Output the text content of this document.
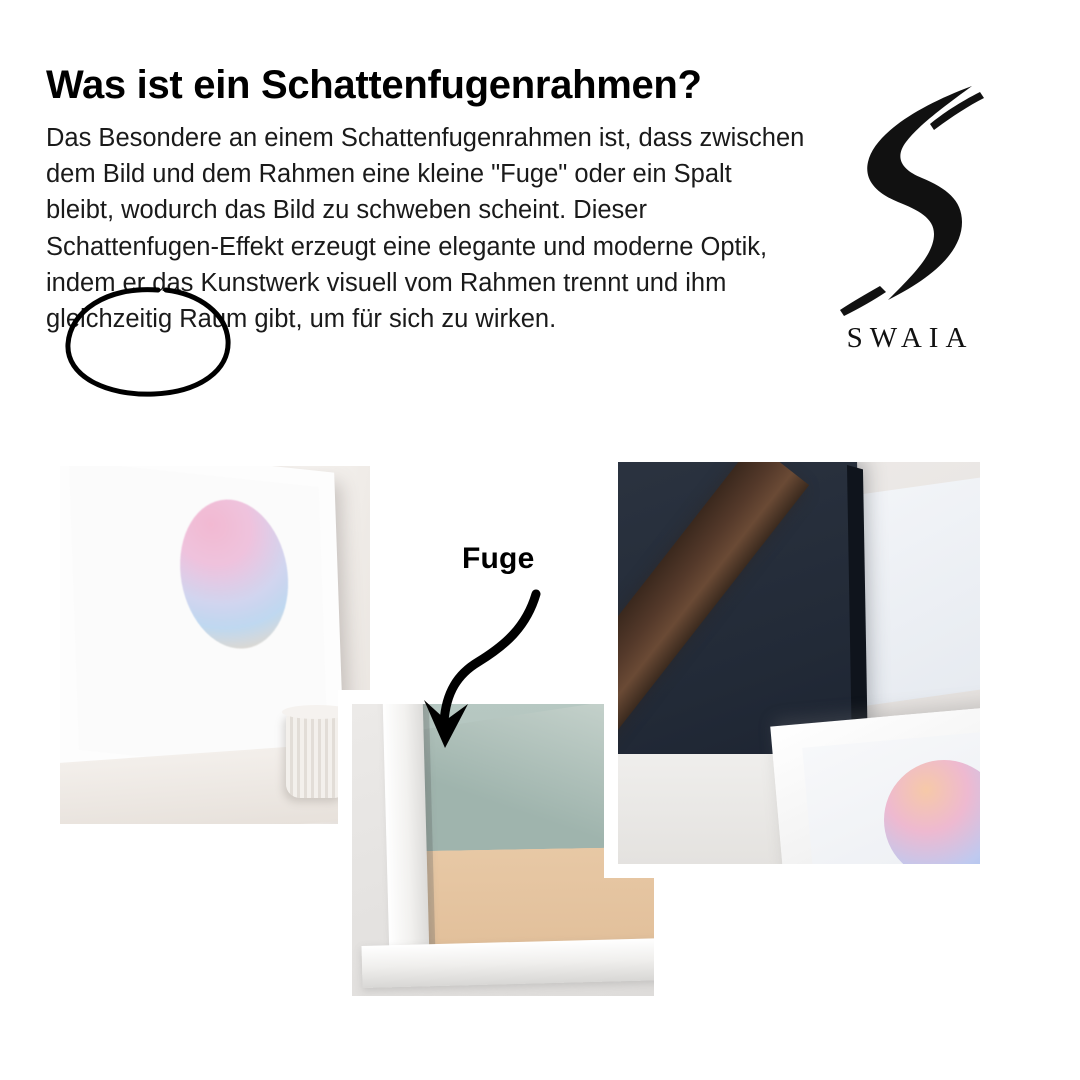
Was ist ein Schattenfugenrahmen?
Das Besondere an einem Schattenfugenrahmen ist, dass zwischen dem Bild und dem Rahmen eine kleine "Fuge" oder ein Spalt bleibt, wodurch das Bild zu schweben scheint. Dieser Schattenfugen-Effekt erzeugt eine elegante und moderne Optik, indem er das Kunstwerk visuell vom Rahmen trennt und ihm gleichzeitig Raum gibt, um für sich zu wirken.
SWAIA
Fuge
